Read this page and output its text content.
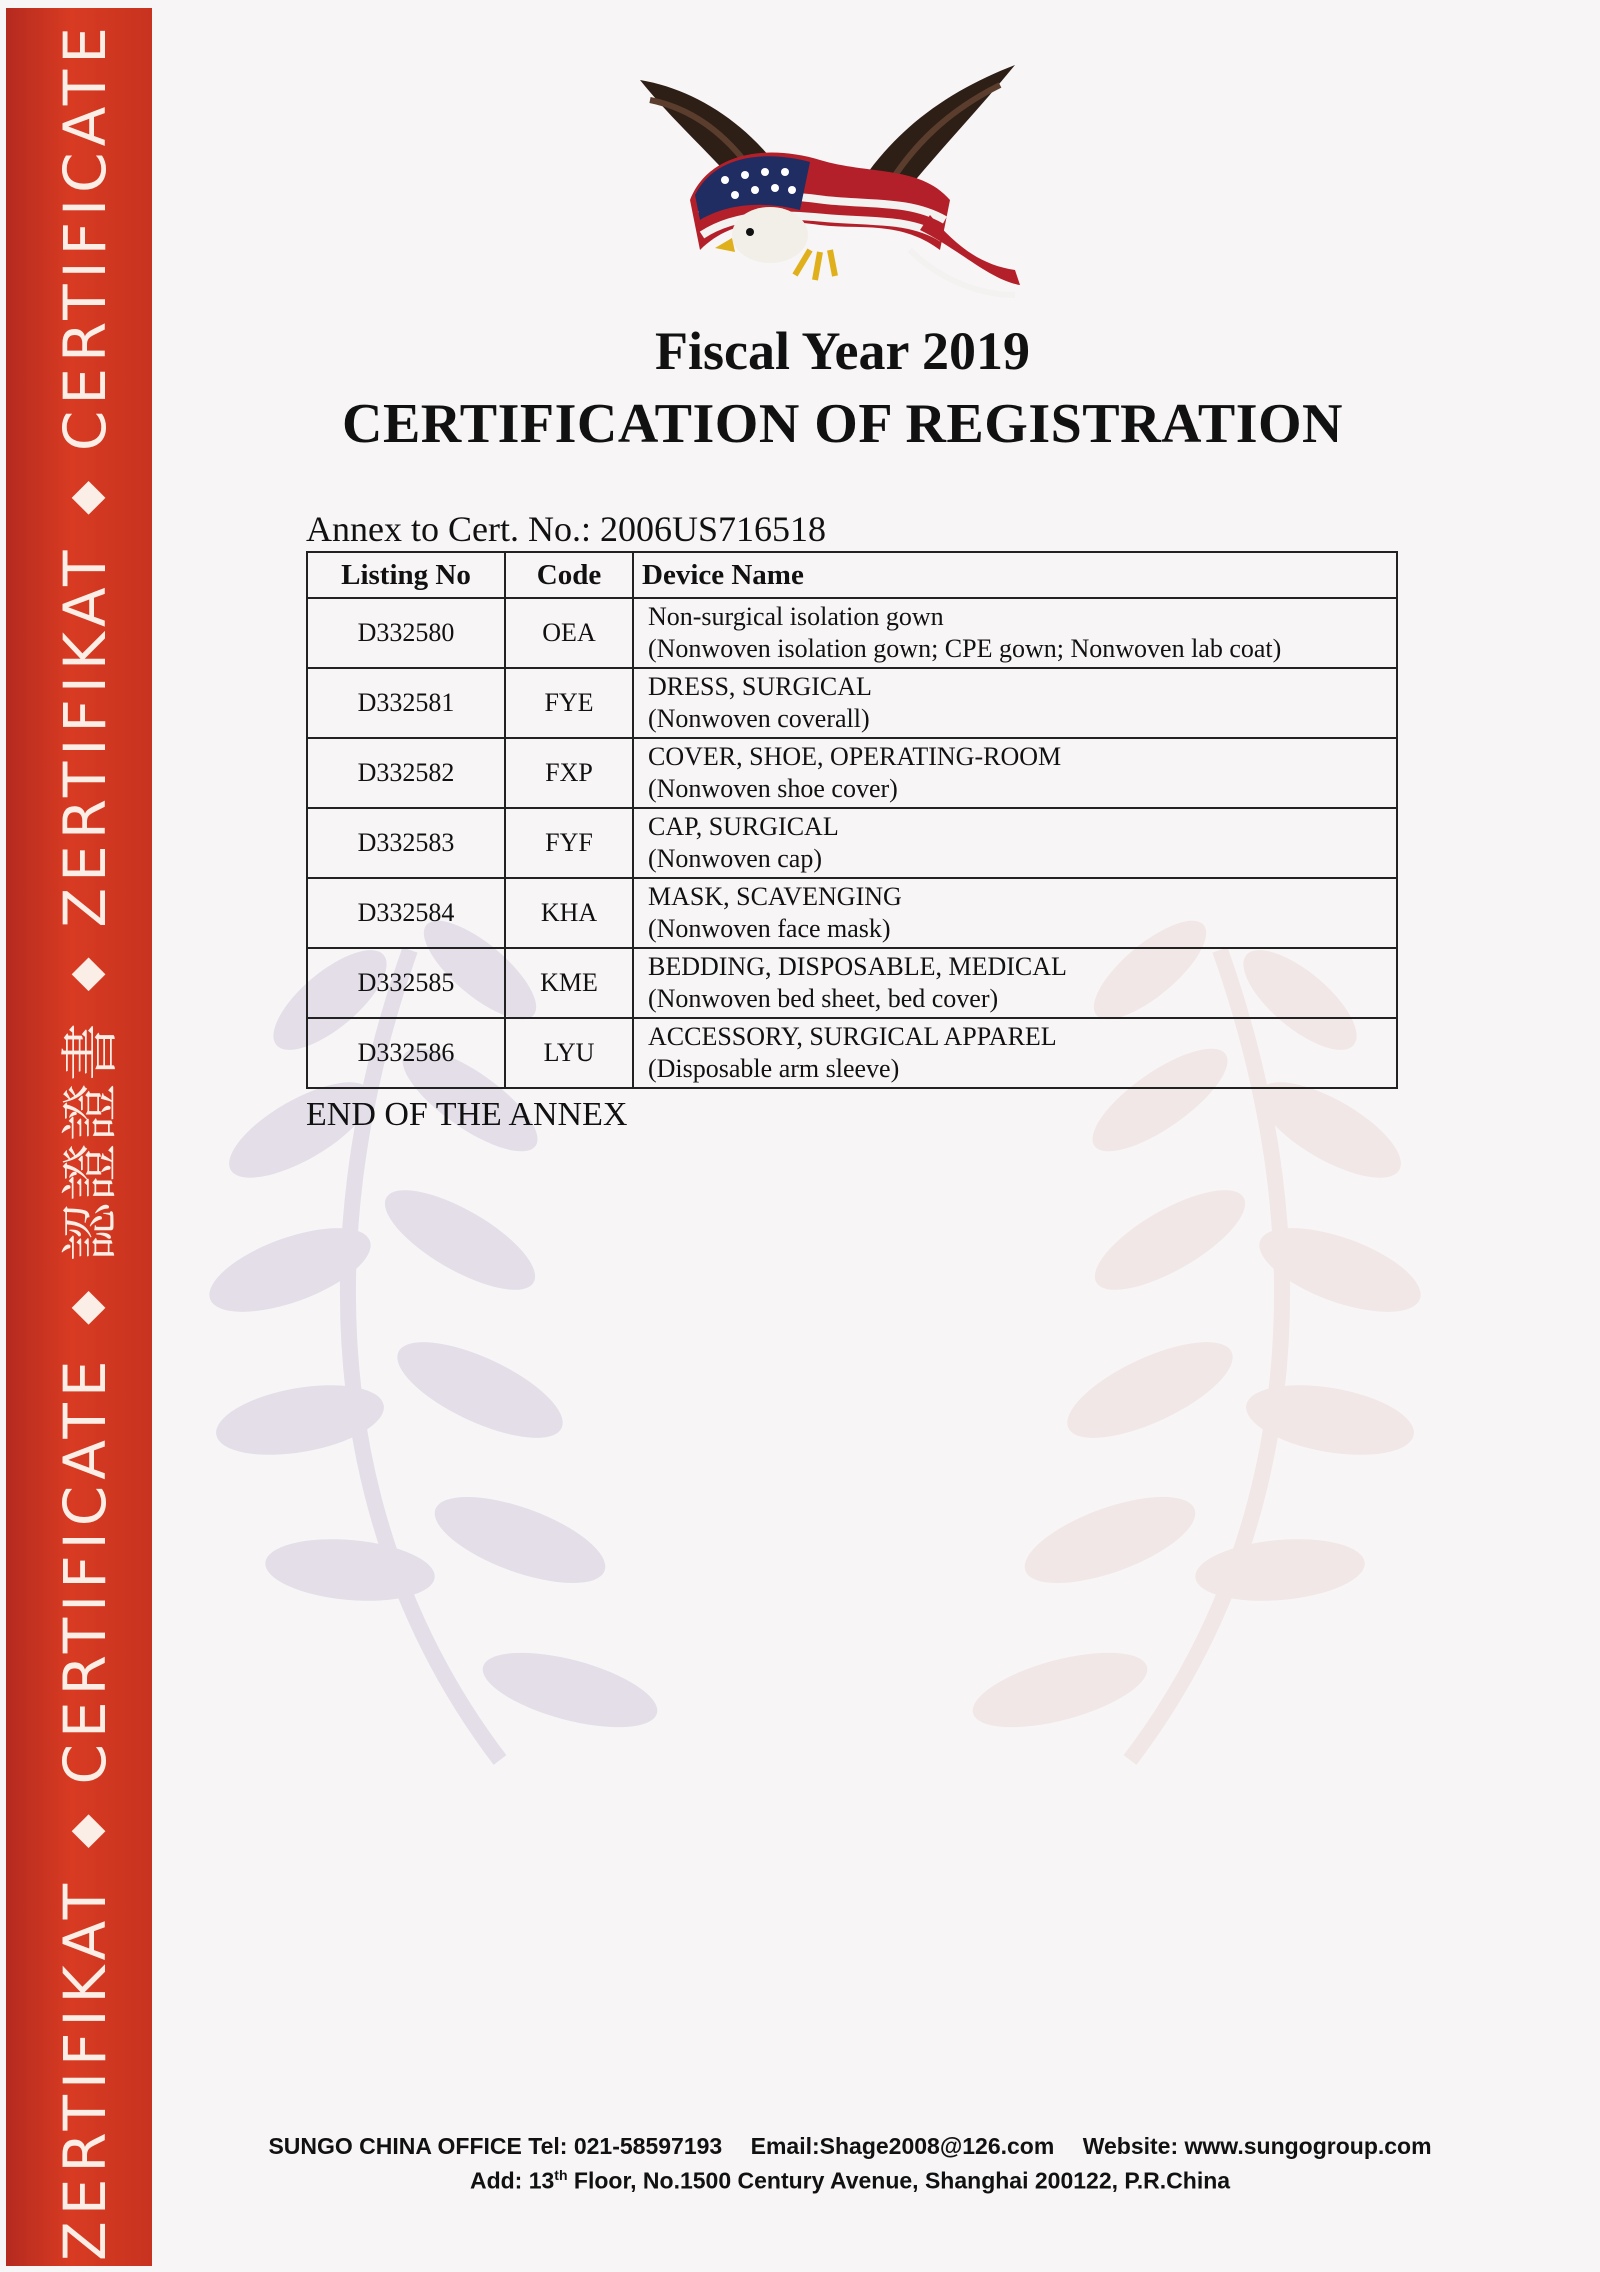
ZERTIFIKAT
◆
CERTIFICATE
◆
認證證書
◆
ZERTIFIKAT
◆
CERTIFICATE	Fiscal Year 2019
CERTIFICATION OF REGISTRATION
Annex to Cert. No.: 2006US716518
Listing No	Code	Device Name
D332580	OEA	Non-surgical isolation gown
(Nonwoven isolation gown; CPE gown; Nonwoven lab coat)

D332581	FYE	DRESS, SURGICAL
(Nonwoven coverall)

D332582	FXP	COVER, SHOE, OPERATING-ROOM
(Nonwoven shoe cover)

D332583	FYF	CAP, SURGICAL
(Nonwoven cap)

D332584	KHA	MASK, SCAVENGING
(Nonwoven face mask)

D332585	KME	BEDDING, DISPOSABLE, MEDICAL
(Nonwoven bed sheet, bed cover)

D332586	LYU	ACCESSORY, SURGICAL APPAREL
(Disposable arm sleeve)
END OF THE ANNEX
SUNGO CHINA OFFICE Tel: 021-58597193 Email:Shage2008@126.com Website: www.sungogroup.com
Add: 13th Floor, No.1500 Century Avenue, Shanghai 200122, P.R.China
